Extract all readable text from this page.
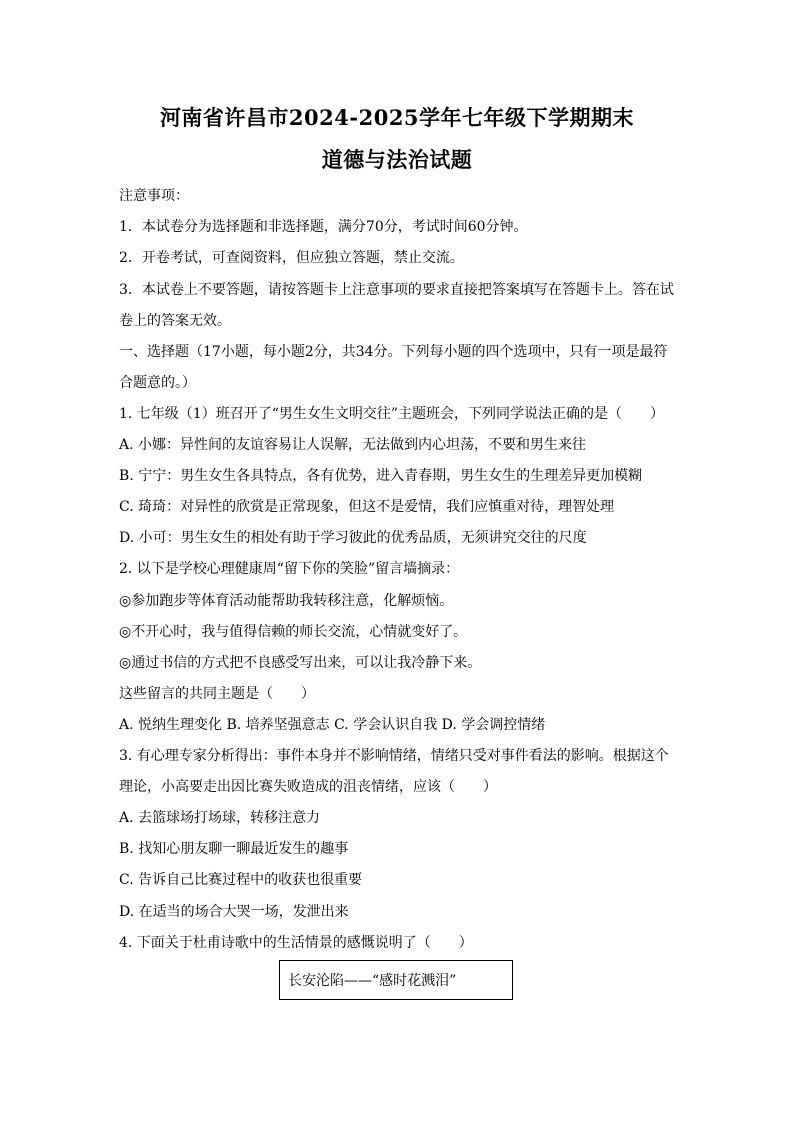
河南省许昌市2024-2025学年七年级下学期期末
道德与法治试题
注意事项：
1．本试卷分为选择题和非选择题，满分70分，考试时间60分钟。
2．开卷考试，可查阅资料，但应独立答题，禁止交流。
3．本试卷上不要答题，请按答题卡上注意事项的要求直接把答案填写在答题卡上。答在试
卷上的答案无效。
一、选择题（17小题，每小题2分，共34分。下列每小题的四个选项中，只有一项是最符
合题意的。）
1. 七年级（1）班召开了“男生女生文明交往”主题班会，下列同学说法正确的是（　　）
A. 小娜：异性间的友谊容易让人误解，无法做到内心坦荡，不要和男生来往
B. 宁宁：男生女生各具特点，各有优势，进入青春期，男生女生的生理差异更加模糊
C. 琦琦：对异性的欣赏是正常现象，但这不是爱情，我们应慎重对待，理智处理
D. 小可：男生女生的相处有助于学习彼此的优秀品质，无须讲究交往的尺度
2. 以下是学校心理健康周“留下你的笑脸”留言墙摘录：
◎参加跑步等体育活动能帮助我转移注意，化解烦恼。
◎不开心时，我与值得信赖的师长交流，心情就变好了。
◎通过书信的方式把不良感受写出来，可以让我冷静下来。
这些留言的共同主题是（　　）
A. 悦纳生理变化 B. 培养坚强意志 C. 学会认识自我 D. 学会调控情绪
3. 有心理专家分析得出：事件本身并不影响情绪，情绪只受对事件看法的影响。根据这个
理论，小高要走出因比赛失败造成的沮丧情绪，应该（　　）
A. 去篮球场打场球，转移注意力
B. 找知心朋友聊一聊最近发生的趣事
C. 告诉自己比赛过程中的收获也很重要
D. 在适当的场合大哭一场，发泄出来
4. 下面关于杜甫诗歌中的生活情景的感慨说明了（　　）
长安沦陷——“感时花溅泪”
